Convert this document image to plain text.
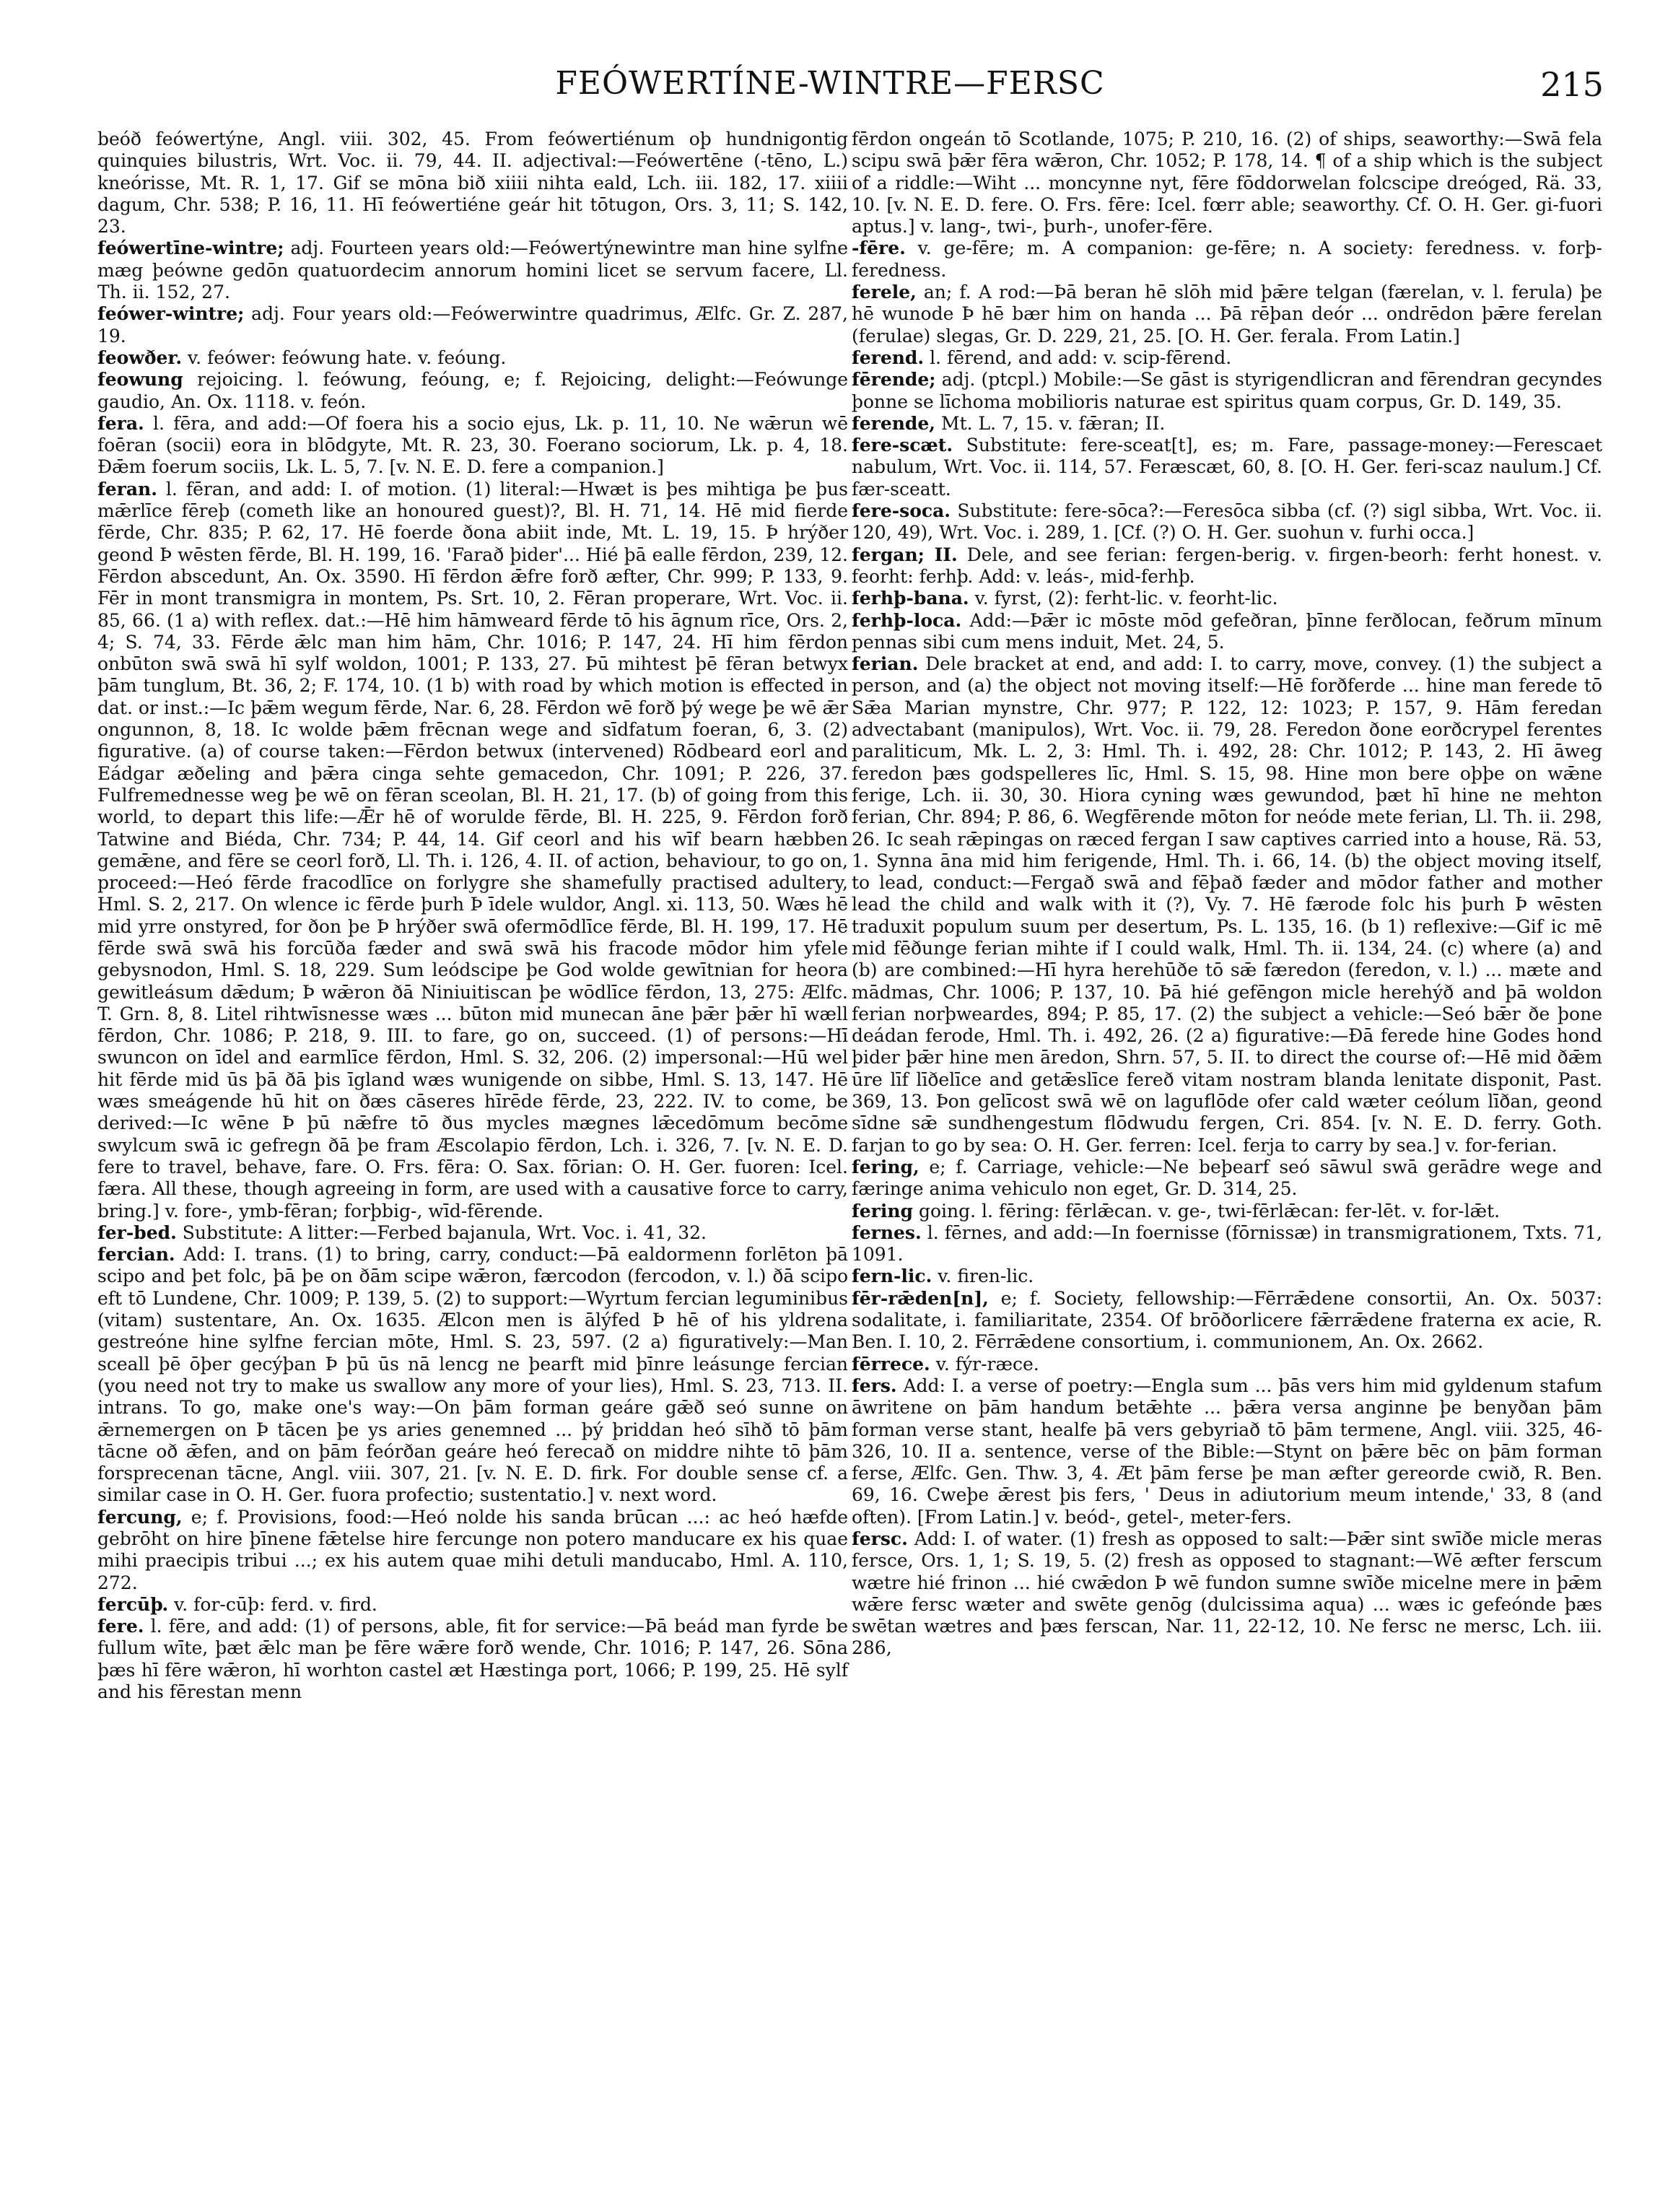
FEÓWERTÍNE-WINTRE—FERSC	215

beóð feówertýne, Angl. viii. 302, 45. From feówertiénum oþ hundnigontig quinquies bilustris, Wrt. Voc. ii. 79, 44. II. adjectival:—Feówertēne (-tēno, L.) kneórisse, Mt. R. 1, 17. Gif se mōna bið xiiii nihta eald, Lch. iii. 182, 17. xiiii dagum, Chr. 538; P. 16, 11. Hī feówertiéne geár hit tōtugon, Ors. 3, 11; S. 142, 23.

feówertīne-wintre; adj. Fourteen years old:—Feówertýnewintre man hine sylfne mæg þeówne gedōn quatuordecim annorum homini licet se servum facere, Ll. Th. ii. 152, 27.

feówer-wintre; adj. Four years old:—Feówerwintre quadrimus, Ælfc. Gr. Z. 287, 19.

feowðer. v. feówer: feówung hate. v. feóung.

feowung rejoicing. l. feówung, feóung, e; f. Rejoicing, delight:—Feówunge gaudio, An. Ox. 1118. v. feón.

fera. l. fēra, and add:—Of foera his a socio ejus, Lk. p. 11, 10. Ne wǣrun wē foēran (socii) eora in blōdgyte, Mt. R. 23, 30. Foerano sociorum, Lk. p. 4, 18. Ðǣm foerum sociis, Lk. L. 5, 7. [v. N. E. D. fere a companion.]

feran. l. fēran, and add: I. of motion. (1) literal:—Hwæt is þes mihtiga þe þus mǣrlīce fēreþ (cometh like an honoured guest)?, Bl. H. 71, 14. Hē mid fierde fērde, Chr. 835; P. 62, 17. Hē foerde ðona abiit inde, Mt. L. 19, 15. Þ hrýðer geond Þ wēsten fērde, Bl. H. 199, 16. 'Farað þider'... Hié þā ealle fērdon, 239, 12. Fērdon abscedunt, An. Ox. 3590. Hī fērdon ǣfre forð æfter, Chr. 999; P. 133, 9. Fēr in mont transmigra in montem, Ps. Srt. 10, 2. Fēran properare, Wrt. Voc. ii. 85, 66. (1 a) with reflex. dat.:—Hē him hāmweard fērde tō his āgnum rīce, Ors. 2, 4; S. 74, 33. Fērde ǣlc man him hām, Chr. 1016; P. 147, 24. Hī him fērdon onbūton swā swā hī sylf woldon, 1001; P. 133, 27. Þū mihtest þē fēran betwyx þām tunglum, Bt. 36, 2; F. 174, 10. (1 b) with road by which motion is effected in dat. or inst.:—Ic þǣm wegum fērde, Nar. 6, 28. Fērdon wē forð þý wege þe wē ǣr ongunnon, 8, 18. Ic wolde þǣm frēcnan wege and sīdfatum foeran, 6, 3. (2) figurative. (a) of course taken:—Fērdon betwux (intervened) Rōdbeard eorl and Eádgar æðeling and þǣra cinga sehte gemacedon, Chr. 1091; P. 226, 37. Fulfremednesse weg þe wē on fēran sceolan, Bl. H. 21, 17. (b) of going from this world, to depart this life:—Ǣr hē of worulde fērde, Bl. H. 225, 9. Fērdon forð Tatwine and Biéda, Chr. 734; P. 44, 14. Gif ceorl and his wīf bearn hæbben gemǣne, and fēre se ceorl forð, Ll. Th. i. 126, 4. II. of action, behaviour, to go on, proceed:—Heó fērde fracodlīce on forlygre she shamefully practised adultery, Hml. S. 2, 217. On wlence ic fērde þurh Þ īdele wuldor, Angl. xi. 113, 50. Wæs hē mid yrre onstyred, for ðon þe Þ hrýðer swā ofermōdlīce fērde, Bl. H. 199, 17. Hē fērde swā swā his forcūða fæder and swā swā his fracode mōdor him yfele gebysnodon, Hml. S. 18, 229. Sum leódscipe þe God wolde gewītnian for heora gewitleásum dǣdum; Þ wǣron ðā Niniuitiscan þe wōdlīce fērdon, 13, 275: Ælfc. T. Grn. 8, 8. Litel rihtwīsnesse wæs ... būton mid munecan āne þǣr þǣr hī wæll fērdon, Chr. 1086; P. 218, 9. III. to fare, go on, succeed. (1) of persons:—Hī swuncon on īdel and earmlīce fērdon, Hml. S. 32, 206. (2) impersonal:—Hū wel hit fērde mid ūs þā ðā þis īgland wæs wunigende on sibbe, Hml. S. 13, 147. Hē wæs smeágende hū hit on ðæs cāseres hīrēde fērde, 23, 222. IV. to come, be derived:—Ic wēne Þ þū nǣfre tō ðus mycles mægnes lǣcedōmum becōme swylcum swā ic gefregn ðā þe fram Æscolapio fērdon, Lch. i. 326, 7. [v. N. E. D. fere to travel, behave, fare. O. Frs. fēra: O. Sax. fōrian: O. H. Ger. fuoren: Icel. færa. All these, though agreeing in form, are used with a causative force to carry, bring.] v. fore-, ymb-fēran; forþbig-, wīd-fērende.

fer-bed. Substitute: A litter:—Ferbed bajanula, Wrt. Voc. i. 41, 32.

fercian. Add: I. trans. (1) to bring, carry, conduct:—Þā ealdormenn forlēton þā scipo and þet folc, þā þe on ðām scipe wǣron, færcodon (fercodon, v. l.) ðā scipo eft tō Lundene, Chr. 1009; P. 139, 5. (2) to support:—Wyrtum fercian leguminibus (vitam) sustentare, An. Ox. 1635. Ælcon men is ālýfed Þ hē of his yldrena gestreóne hine sylfne fercian mōte, Hml. S. 23, 597. (2 a) figuratively:—Man sceall þē ōþer gecýþan Þ þū ūs nā lencg ne þearft mid þīnre leásunge fercian (you need not try to make us swallow any more of your lies), Hml. S. 23, 713. II. intrans. To go, make one's way:—On þām forman geáre gǣð seó sunne on ǣrnemergen on Þ tācen þe ys aries genemned ... þý þriddan heó sīhð tō þām tācne oð ǣfen, and on þām feórðan geáre heó ferecað on middre nihte tō þām forsprecenan tācne, Angl. viii. 307, 21. [v. N. E. D. firk. For double sense cf. a similar case in O. H. Ger. fuora profectio; sustentatio.] v. next word.

fercung, e; f. Provisions, food:—Heó nolde his sanda brūcan ...: ac heó hæfde gebrōht on hire þīnene fǣtelse hire fercunge non potero manducare ex his quae mihi praecipis tribui ...; ex his autem quae mihi detuli manducabo, Hml. A. 110, 272.

fercūþ. v. for-cūþ: ferd. v. fird.

fere. l. fēre, and add: (1) of persons, able, fit for service:—Þā beád man fyrde be fullum wīte, þæt ǣlc man þe fēre wǣre forð wende, Chr. 1016; P. 147, 26. Sōna þæs hī fēre wǣron, hī worhton castel æt Hæstinga port, 1066; P. 199, 25. Hē sylf and his fērestan menn

fērdon ongeán tō Scotlande, 1075; P. 210, 16. (2) of ships, seaworthy:—Swā fela scipu swā þǣr fēra wǣron, Chr. 1052; P. 178, 14. ¶ of a ship which is the subject of a riddle:—Wiht ... moncynne nyt, fēre fōddorwelan folcscipe dreóged, Rä. 33, 10. [v. N. E. D. fere. O. Frs. fēre: Icel. fœrr able; seaworthy. Cf. O. H. Ger. gi-fuori aptus.] v. lang-, twi-, þurh-, unofer-fēre.

-fēre. v. ge-fēre; m. A companion: ge-fēre; n. A society: feredness. v. forþ-feredness.

ferele, an; f. A rod:—Þā beran hē slōh mid þǣre telgan (færelan, v. l. ferula) þe hē wunode Þ hē bær him on handa ... Þā rēþan deór ... ondrēdon þǣre ferelan (ferulae) slegas, Gr. D. 229, 21, 25. [O. H. Ger. ferala. From Latin.]

ferend. l. fērend, and add: v. scip-fērend.

fērende; adj. (ptcpl.) Mobile:—Se gāst is styrigendlicran and fērendran gecyndes þonne se līchoma mobilioris naturae est spiritus quam corpus, Gr. D. 149, 35.

ferende, Mt. L. 7, 15. v. fǣran; II.

fere-scæt. Substitute: fere-sceat[t], es; m. Fare, passage-money:—Ferescaet nabulum, Wrt. Voc. ii. 114, 57. Feræscæt, 60, 8. [O. H. Ger. feri-scaz naulum.] Cf. fær-sceatt.

fere-soca. Substitute: fere-sōca?:—Feresōca sibba (cf. (?) sigl sibba, Wrt. Voc. ii. 120, 49), Wrt. Voc. i. 289, 1. [Cf. (?) O. H. Ger. suohun v. furhi occa.]

fergan; II. Dele, and see ferian: fergen-berig. v. firgen-beorh: ferht honest. v. feorht: ferhþ. Add: v. leás-, mid-ferhþ.

ferhþ-bana. v. fyrst, (2): ferht-lic. v. feorht-lic.

ferhþ-loca. Add:—Þǣr ic mōste mōd gefeðran, þīnne ferðlocan, feðrum mīnum pennas sibi cum mens induit, Met. 24, 5.

ferian. Dele bracket at end, and add: I. to carry, move, convey. (1) the subject a person, and (a) the object not moving itself:—Hē forðferde ... hine man ferede tō Sǣa Marian mynstre, Chr. 977; P. 122, 12: 1023; P. 157, 9. Hām feredan advectabant (manipulos), Wrt. Voc. ii. 79, 28. Feredon ðone eorðcrypel ferentes paraliticum, Mk. L. 2, 3: Hml. Th. i. 492, 28: Chr. 1012; P. 143, 2. Hī āweg feredon þæs godspelleres līc, Hml. S. 15, 98. Hine mon bere oþþe on wǣne ferige, Lch. ii. 30, 30. Hiora cyning wæs gewundod, þæt hī hine ne mehton ferian, Chr. 894; P. 86, 6. Wegfērende mōton for neóde mete ferian, Ll. Th. ii. 298, 26. Ic seah rǣpingas on ræced fergan I saw captives carried into a house, Rä. 53, 1. Synna āna mid him ferigende, Hml. Th. i. 66, 14. (b) the object moving itself, to lead, conduct:—Fergað swā and fēþað fæder and mōdor father and mother lead the child and walk with it (?), Vy. 7. Hē færode folc his þurh Þ wēsten traduxit populum suum per desertum, Ps. L. 135, 16. (b 1) reflexive:—Gif ic mē mid fēðunge ferian mihte if I could walk, Hml. Th. ii. 134, 24. (c) where (a) and (b) are combined:—Hī hyra herehūðe tō sǣ færedon (feredon, v. l.) ... mæte and mādmas, Chr. 1006; P. 137, 10. Þā hié gefēngon micle herehýð and þā woldon ferian norþweardes, 894; P. 85, 17. (2) the subject a vehicle:—Seó bǣr ðe þone deádan ferode, Hml. Th. i. 492, 26. (2 a) figurative:—Ðā ferede hine Godes hond þider þǣr hine men āredon, Shrn. 57, 5. II. to direct the course of:—Hē mid ðǣm ūre līf līðelīce and getǣslīce fereð vitam nostram blanda lenitate disponit, Past. 369, 13. Þon gelīcost swā wē on laguflōde ofer cald wæter ceólum līðan, geond sīdne sǣ sundhengestum flōdwudu fergen, Cri. 854. [v. N. E. D. ferry. Goth. farjan to go by sea: O. H. Ger. ferren: Icel. ferja to carry by sea.] v. for-ferian.

fering, e; f. Carriage, vehicle:—Ne beþearf seó sāwul swā gerādre wege and færinge anima vehiculo non eget, Gr. D. 314, 25.

fering going. l. fēring: fērlǣcan. v. ge-, twi-fērlǣcan: fer-lēt. v. for-lǣt.

fernes. l. fērnes, and add:—In foernisse (fōrnissæ) in transmigrationem, Txts. 71, 1091.

fern-lic. v. firen-lic.

fēr-rǣden[n], e; f. Society, fellowship:—Fērrǣdene consortii, An. Ox. 5037: sodalitate, i. familiaritate, 2354. Of brōðorlicere fǣrrǣdene fraterna ex acie, R. Ben. I. 10, 2. Fērrǣdene consortium, i. communionem, An. Ox. 2662.

fērrece. v. fýr-ræce.

fers. Add: I. a verse of poetry:—Engla sum ... þās vers him mid gyldenum stafum āwritene on þām handum betǣhte ... þǣra versa anginne þe benyðan þām forman verse stant, healfe þā vers gebyriað tō þām termene, Angl. viii. 325, 46-326, 10. II a. sentence, verse of the Bible:—Stynt on þǣre bēc on þām forman ferse, Ælfc. Gen. Thw. 3, 4. Æt þām ferse þe man æfter gereorde cwið, R. Ben. 69, 16. Cweþe ǣrest þis fers, ' Deus in adiutorium meum intende,' 33, 8 (and often). [From Latin.] v. beód-, getel-, meter-fers.

fersc. Add: I. of water. (1) fresh as opposed to salt:—Þǣr sint swīðe micle meras fersce, Ors. 1, 1; S. 19, 5. (2) fresh as opposed to stagnant:—Wē æfter ferscum wætre hié frinon ... hié cwǣdon Þ wē fundon sumne swīðe micelne mere in þǣm wǣre fersc wæter and swēte genōg (dulcissima aqua) ... wæs ic gefeónde þæs swētan wætres and þæs ferscan, Nar. 11, 22-12, 10. Ne fersc ne mersc, Lch. iii. 286,
